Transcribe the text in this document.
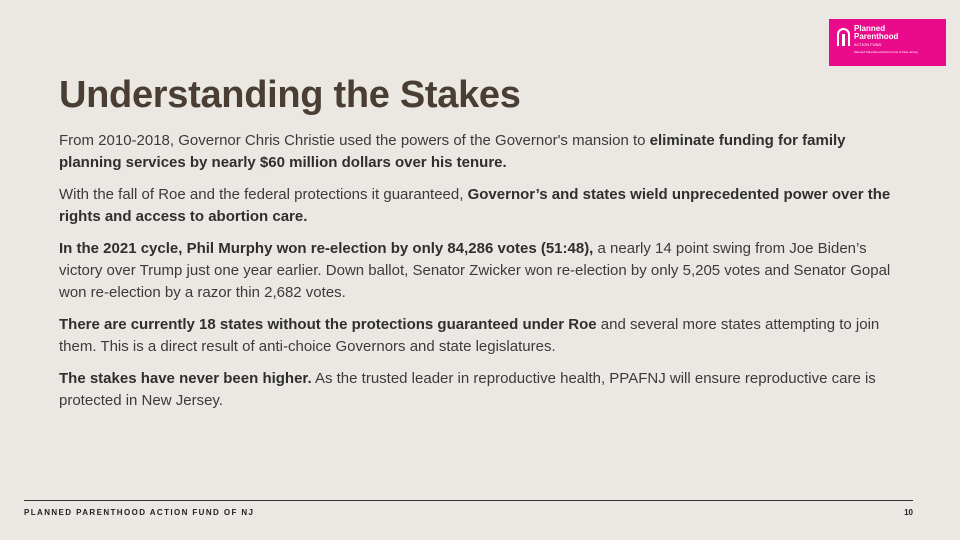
Planned
Parenthood
ACTION FUND
Planned Parenthood Action Fund of New Jersey
Understanding the Stakes

From 2010-2018, Governor Chris Christie used the powers of the Governor's mansion to eliminate funding for family planning services by nearly $60 million dollars over his tenure.

With the fall of Roe and the federal protections it guaranteed, Governor’s and states wield unprecedented power over the rights and access to abortion care.

In the 2021 cycle, Phil Murphy won re-election by only 84,286 votes (51:48), a nearly 14 point swing from Joe Biden’s victory over Trump just one year earlier. Down ballot, Senator Zwicker won re-election by only 5,205 votes and Senator Gopal won re-election by a razor thin 2,682 votes.

There are currently 18 states without the protections guaranteed under Roe and several more states attempting to join them. This is a direct result of anti-choice Governors and state legislatures.

The stakes have never been higher. As the trusted leader in reproductive health, PPAFNJ will ensure reproductive care is protected in New Jersey.

PLANNED PARENTHOOD ACTION FUND OF NJ	10
